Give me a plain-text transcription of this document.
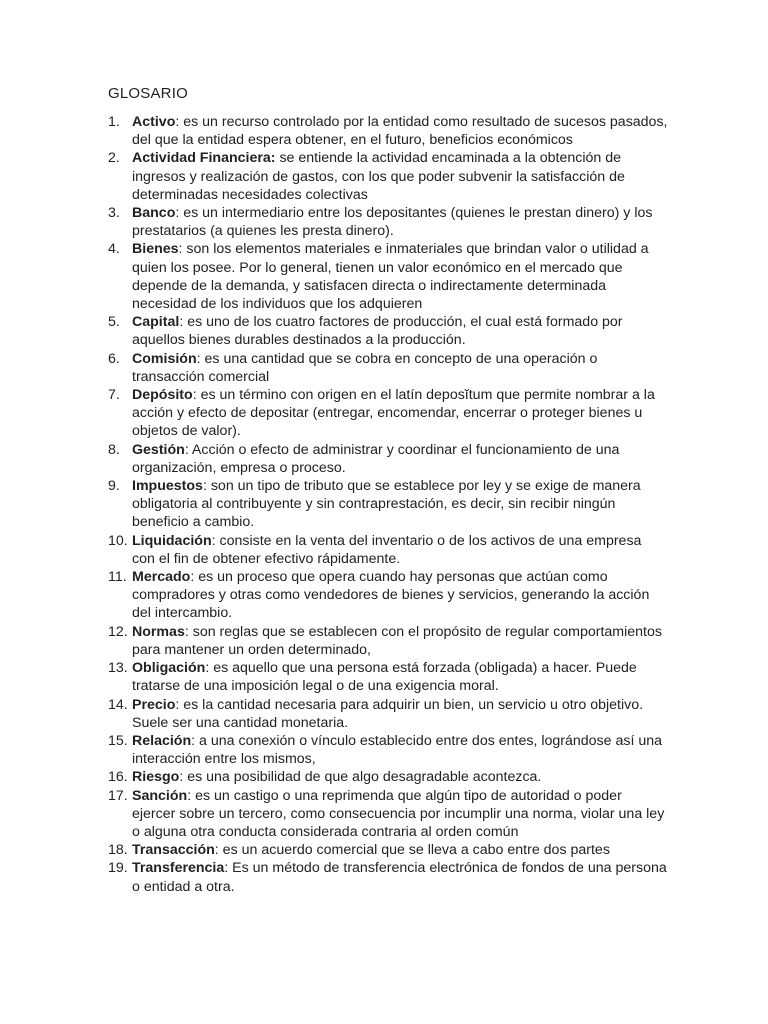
GLOSARIO
1. Activo: es un recurso controlado por la entidad como resultado de sucesos pasados, del que la entidad espera obtener, en el futuro, beneficios económicos
2. Actividad Financiera: se entiende la actividad encaminada a la obtención de ingresos y realización de gastos, con los que poder subvenir la satisfacción de determinadas necesidades colectivas
3. Banco: es un intermediario entre los depositantes (quienes le prestan dinero) y los prestatarios (a quienes les presta dinero).
4. Bienes: son los elementos materiales e inmateriales que brindan valor o utilidad a quien los posee. Por lo general, tienen un valor económico en el mercado que depende de la demanda, y satisfacen directa o indirectamente determinada necesidad de los individuos que los adquieren
5. Capital: es uno de los cuatro factores de producción, el cual está formado por aquellos bienes durables destinados a la producción.
6. Comisión: es una cantidad que se cobra en concepto de una operación o transacción comercial
7. Depósito: es un término con origen en el latín deposĭtum que permite nombrar a la acción y efecto de depositar (entregar, encomendar, encerrar o proteger bienes u objetos de valor).
8. Gestión: Acción o efecto de administrar y coordinar el funcionamiento de una organización, empresa o proceso.
9. Impuestos: son un tipo de tributo que se establece por ley y se exige de manera obligatoria al contribuyente y sin contraprestación, es decir, sin recibir ningún beneficio a cambio.
10. Liquidación: consiste en la venta del inventario o de los activos de una empresa con el fin de obtener efectivo rápidamente.
11. Mercado: es un proceso que opera cuando hay personas que actúan como compradores y otras como vendedores de bienes y servicios, generando la acción del intercambio.
12. Normas: son reglas que se establecen con el propósito de regular comportamientos para mantener un orden determinado,
13. Obligación: es aquello que una persona está forzada (obligada) a hacer. Puede tratarse de una imposición legal o de una exigencia moral.
14. Precio: es la cantidad necesaria para adquirir un bien, un servicio u otro objetivo. Suele ser una cantidad monetaria.
15. Relación: a una conexión o vínculo establecido entre dos entes, lográndose así una interacción entre los mismos,
16. Riesgo: es una posibilidad de que algo desagradable acontezca.
17. Sanción: es un castigo o una reprimenda que algún tipo de autoridad o poder ejercer sobre un tercero, como consecuencia por incumplir una norma, violar una ley o alguna otra conducta considerada contraria al orden común
18. Transacción: es un acuerdo comercial que se lleva a cabo entre dos partes
19. Transferencia: Es un método de transferencia electrónica de fondos de una persona o entidad a otra.
